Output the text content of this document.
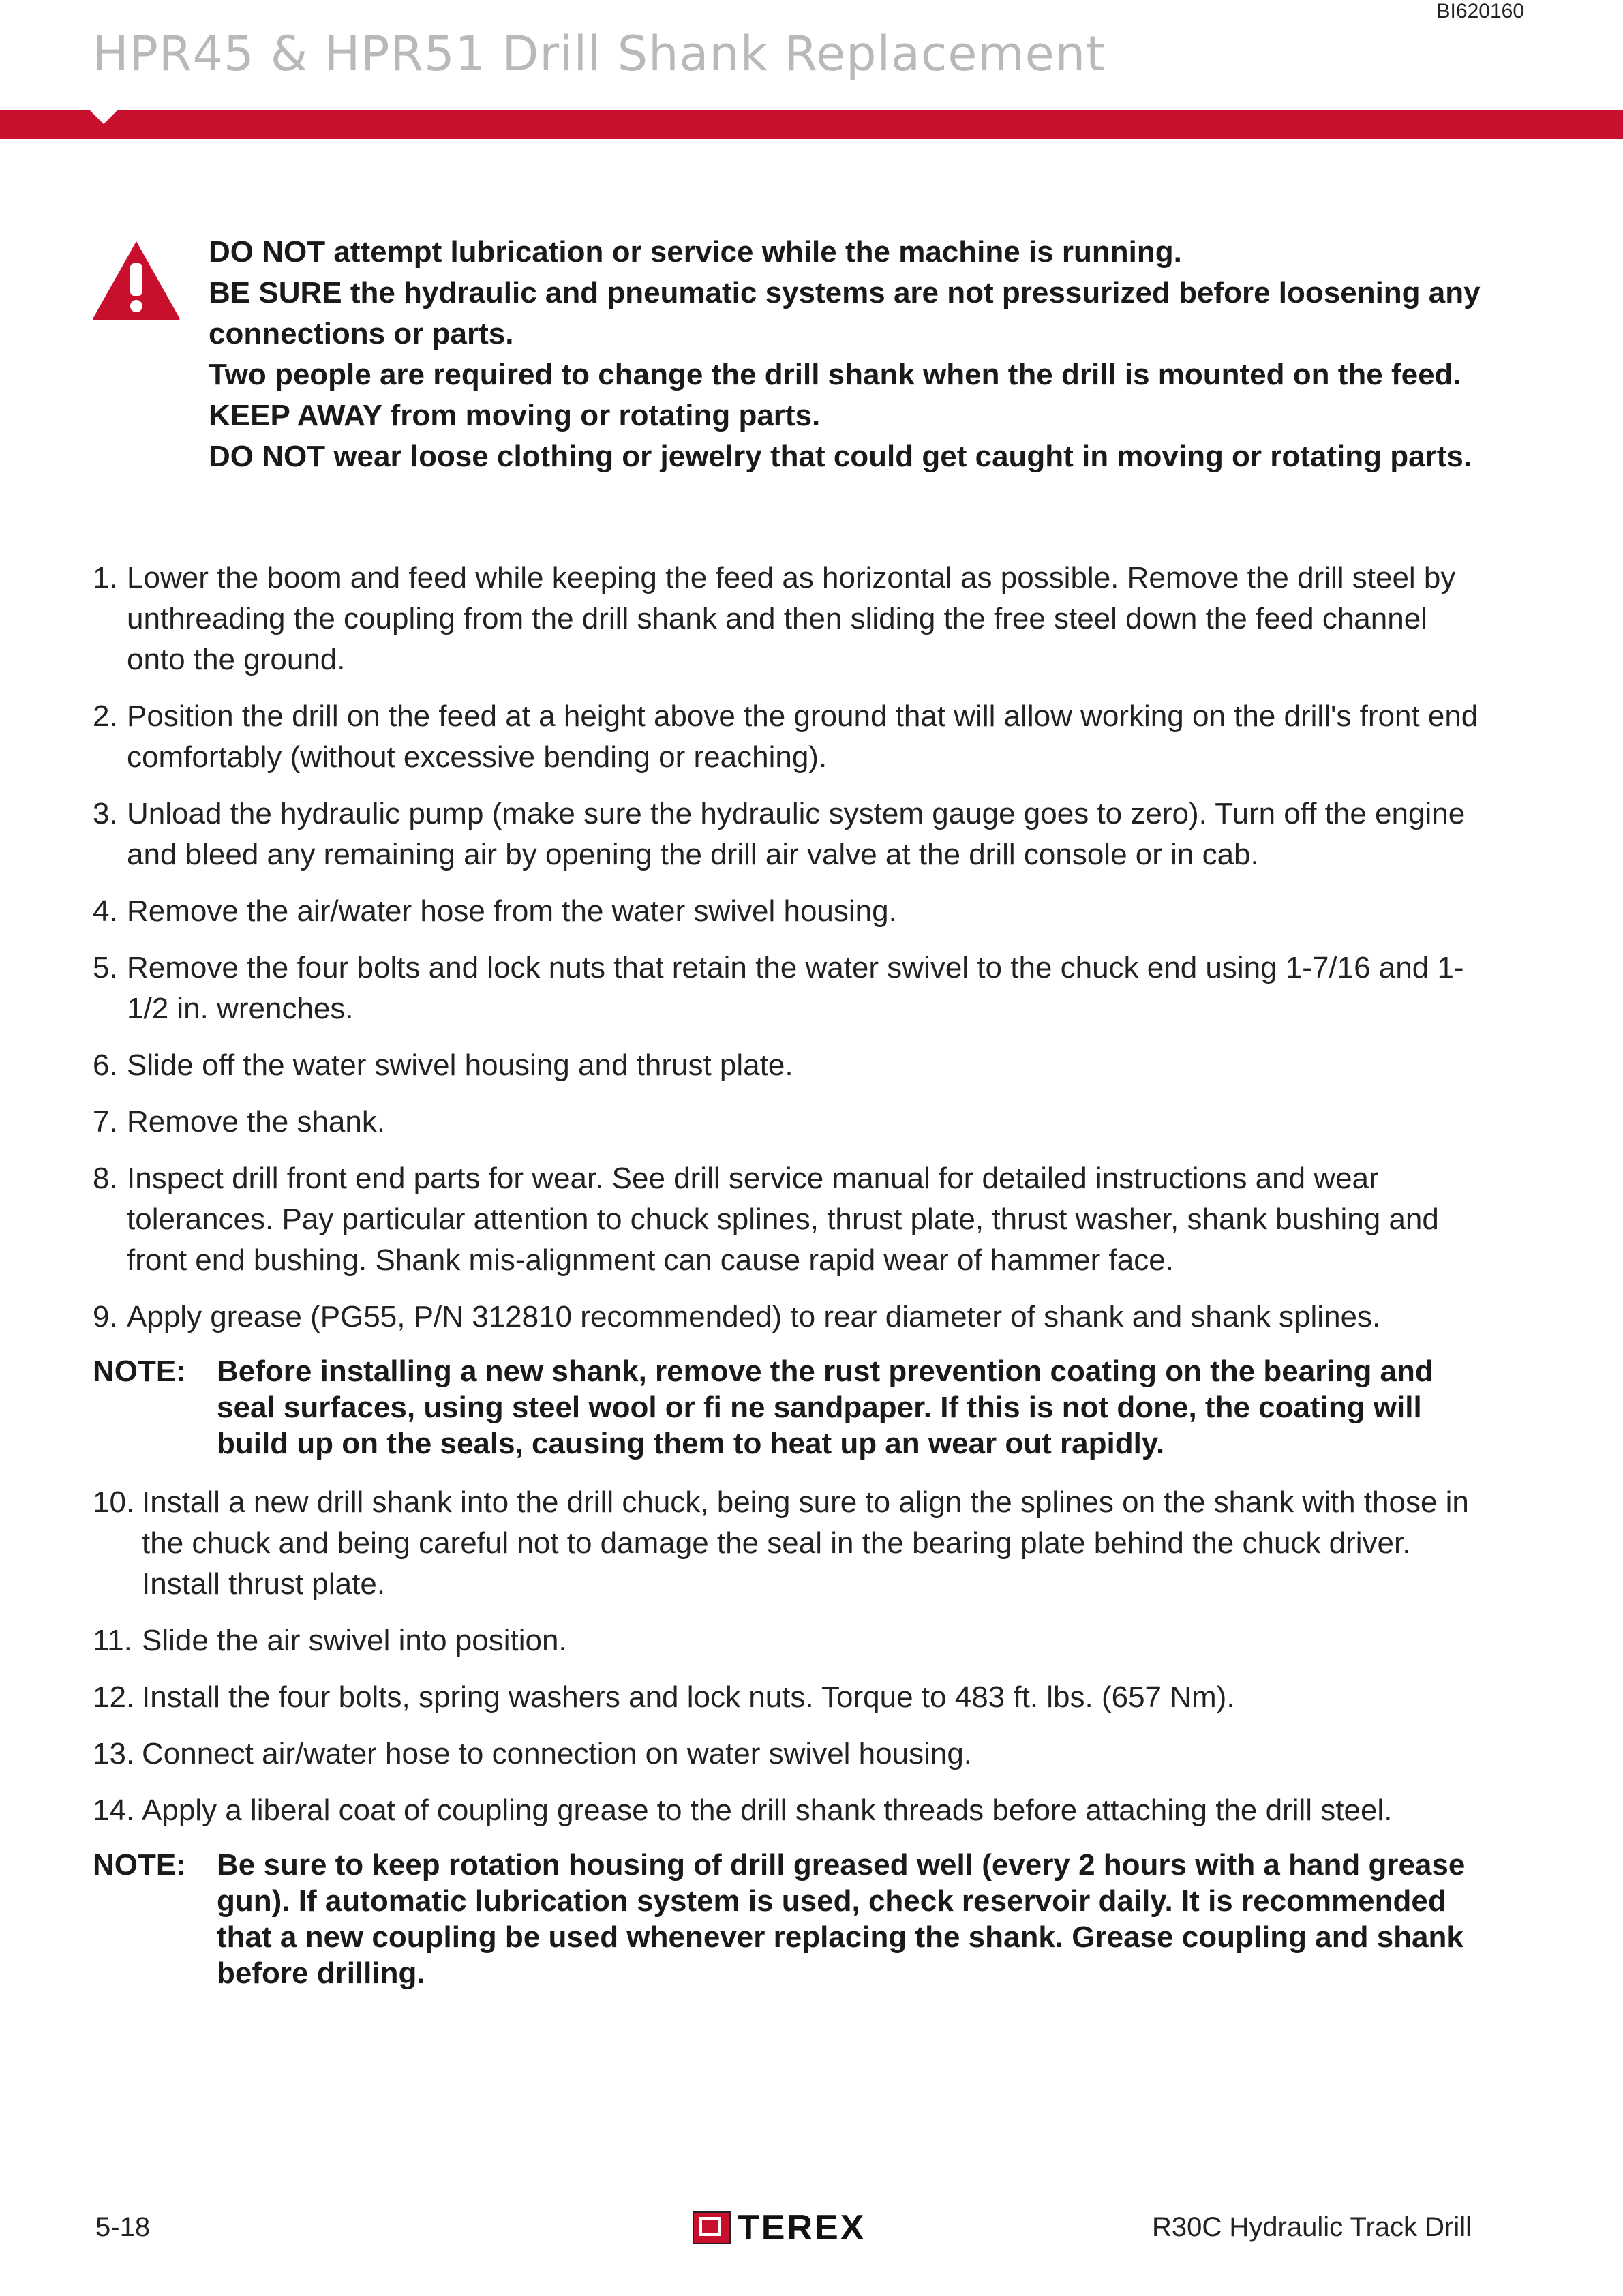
BI620160
HPR45 & HPR51 Drill Shank Replacement

DO NOT attempt lubrication or service while the machine is running.

BE SURE the hydraulic and pneumatic systems are not pressurized before loosening any connections or parts.

Two people are required to change the drill shank when the drill is mounted on the feed.

KEEP AWAY from moving or rotating parts.

DO NOT wear loose clothing or jewelry that could get caught in moving or rotating parts.

1. Lower the boom and feed while keeping the feed as horizontal as possible. Remove the drill steel by unthreading the coupling from the drill shank and then sliding the free steel down the feed channel onto the ground.
2. Position the drill on the feed at a height above the ground that will allow working on the drill's front end comfortably (without excessive bending or reaching).
3. Unload the hydraulic pump (make sure the hydraulic system gauge goes to zero). Turn off the engine and bleed any remaining air by opening the drill air valve at the drill console or in cab.
4. Remove the air/water hose from the water swivel housing.
5. Remove the four bolts and lock nuts that retain the water swivel to the chuck end using 1-7/16 and 1-1/2 in. wrenches.
6. Slide off the water swivel housing and thrust plate.
7. Remove the shank.
8. Inspect drill front end parts for wear. See drill service manual for detailed instructions and wear tolerances. Pay particular attention to chuck splines, thrust plate, thrust washer, shank bushing and front end bushing. Shank mis-alignment can cause rapid wear of hammer face.
9. Apply grease (PG55, P/N 312810 recommended) to rear diameter of shank and shank splines.
NOTE: Before installing a new shank, remove the rust prevention coating on the bearing and seal surfaces, using steel wool or fi ne sandpaper. If this is not done, the coating will build up on the seals, causing them to heat up an wear out rapidly.
10. Install a new drill shank into the drill chuck, being sure to align the splines on the shank with those in the chuck and being careful not to damage the seal in the bearing plate behind the chuck driver. Install thrust plate.
11. Slide the air swivel into position.
12. Install the four bolts, spring washers and lock nuts. Torque to 483 ft. lbs. (657 Nm).
13. Connect air/water hose to connection on water swivel housing.
14. Apply a liberal coat of coupling grease to the drill shank threads before attaching the drill steel.
NOTE: Be sure to keep rotation housing of drill greased well (every 2 hours with a hand grease gun). If automatic lubrication system is used, check reservoir daily. It is recommended that a new coupling be used whenever replacing the shank. Grease coupling and shank before drilling.
5-18	TEREX	R30C Hydraulic Track Drill
